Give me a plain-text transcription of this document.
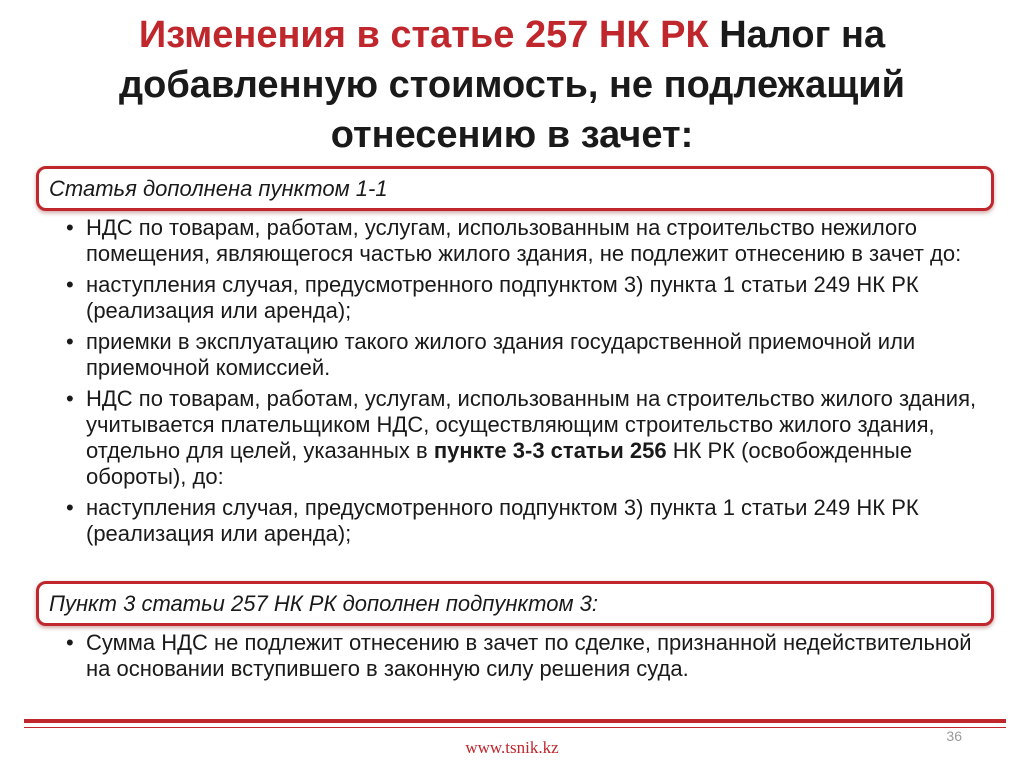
Изменения в статье 257 НК РК Налог на добавленную стоимость, не подлежащий отнесению в зачет:
Статья дополнена пунктом 1-1
• НДС по товарам, работам, услугам, использованным на строительство нежилого помещения, являющегося частью жилого здания, не подлежит отнесению в зачет до:
• наступления случая, предусмотренного подпунктом 3) пункта 1 статьи 249 НК РК (реализация или аренда);
• приемки в эксплуатацию такого жилого здания государственной приемочной или приемочной комиссией.
• НДС по товарам, работам, услугам, использованным на строительство жилого здания, учитывается плательщиком НДС, осуществляющим строительство жилого здания, отдельно для целей, указанных в пункте 3-3 статьи 256 НК РК (освобожденные обороты), до:
• наступления случая, предусмотренного подпунктом 3) пункта 1 статьи 249 НК РК (реализация или аренда);
Пункт 3 статьи 257 НК РК дополнен подпунктом 3:
• Сумма НДС не подлежит отнесению в зачет по сделке, признанной недействительной на основании вступившего в законную силу решения суда.
36
www.tsnik.kz
